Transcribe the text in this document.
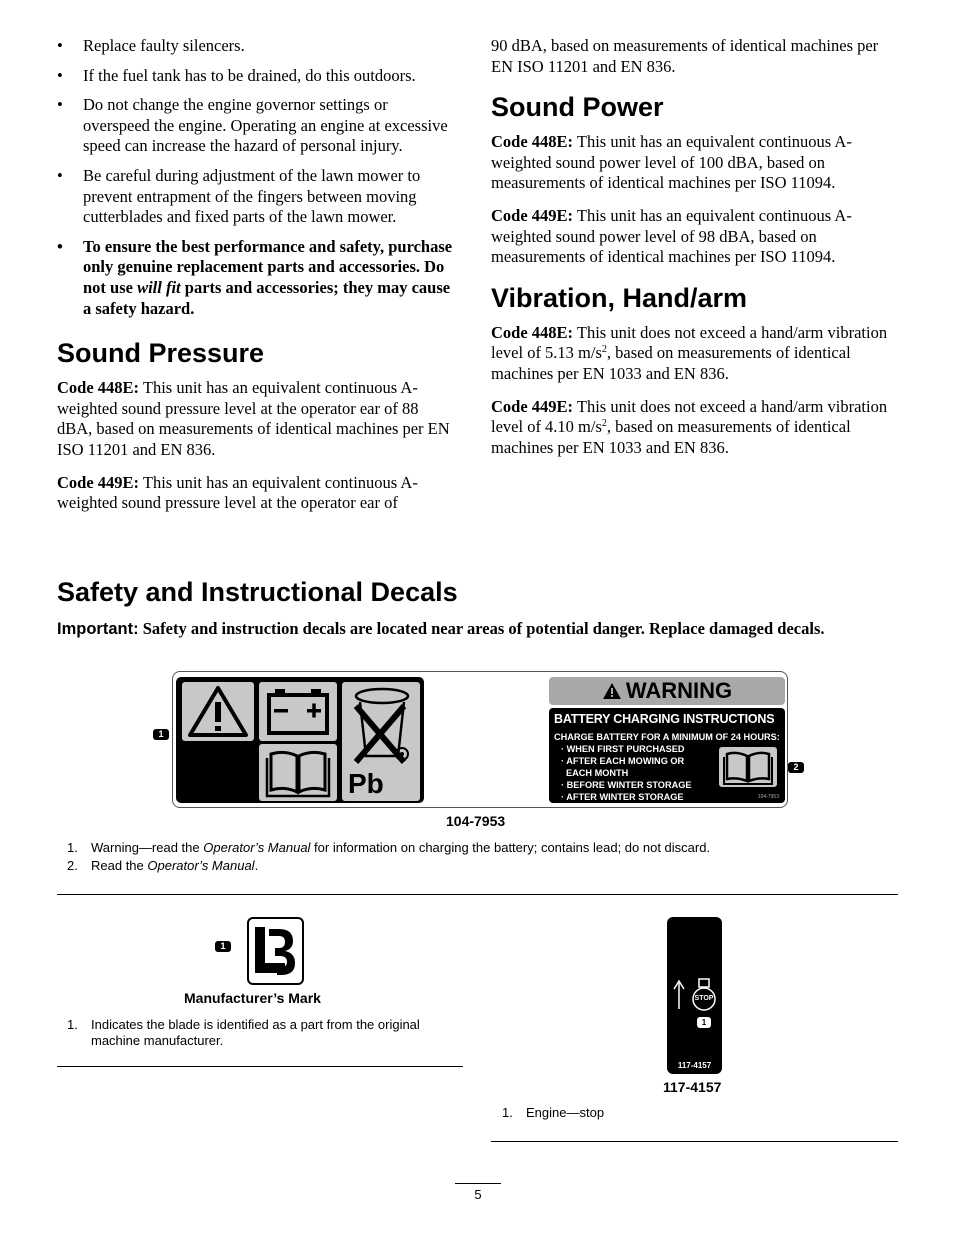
• Replace faulty silencers.
• If the fuel tank has to be drained, do this outdoors.
• Do not change the engine governor settings or overspeed the engine. Operating an engine at excessive speed can increase the hazard of personal injury.
• Be careful during adjustment of the lawn mower to prevent entrapment of the fingers between moving cutterblades and fixed parts of the lawn mower.
• To ensure the best performance and safety, purchase only genuine replacement parts and accessories. Do not use will fit parts and accessories; they may cause a safety hazard.
Sound Pressure

Code 448E: This unit has an equivalent continuous A-weighted sound pressure level at the operator ear of 88 dBA, based on measurements of identical machines per EN ISO 11201 and EN 836.

Code 449E: This unit has an equivalent continuous A-weighted sound pressure level at the operator ear of

90 dBA, based on measurements of identical machines per EN ISO 11201 and EN 836.

Sound Power

Code 448E: This unit has an equivalent continuous A-weighted sound power level of 100 dBA, based on measurements of identical machines per ISO 11094.

Code 449E: This unit has an equivalent continuous A-weighted sound power level of 98 dBA, based on measurements of identical machines per ISO 11094.

Vibration, Hand/arm

Code 448E: This unit does not exceed a hand/arm vibration level of 5.13 $m/s^2$, based on measurements of identical machines per EN 1033 and EN 836.

Code 449E: This unit does not exceed a hand/arm vibration level of 4.10 $m/s^2$, based on measurements of identical machines per EN 1033 and EN 836.

Safety and Instructional Decals
Important: Safety and instruction decals are located near areas of potential danger. Replace damaged decals.
1
Pb
WARNING
BATTERY CHARGING INSTRUCTIONS
CHARGE BATTERY FOR A MINIMUM OF 24 HOURS:
· WHEN FIRST PURCHASED
· AFTER EACH MOWING OR
EACH MONTH
· BEFORE WINTER STORAGE
· AFTER WINTER STORAGE	104-7953
2
104-7953
1. Warning—read the Operator’s Manual for information on charging the battery; contains lead; do not discard.
2. Read the Operator’s Manual.
1
Manufacturer’s Mark
1. Indicates the blade is identified as a part from the original machine manufacturer.
STOP
1
117-4157
117-4157
1. Engine—stop
5
